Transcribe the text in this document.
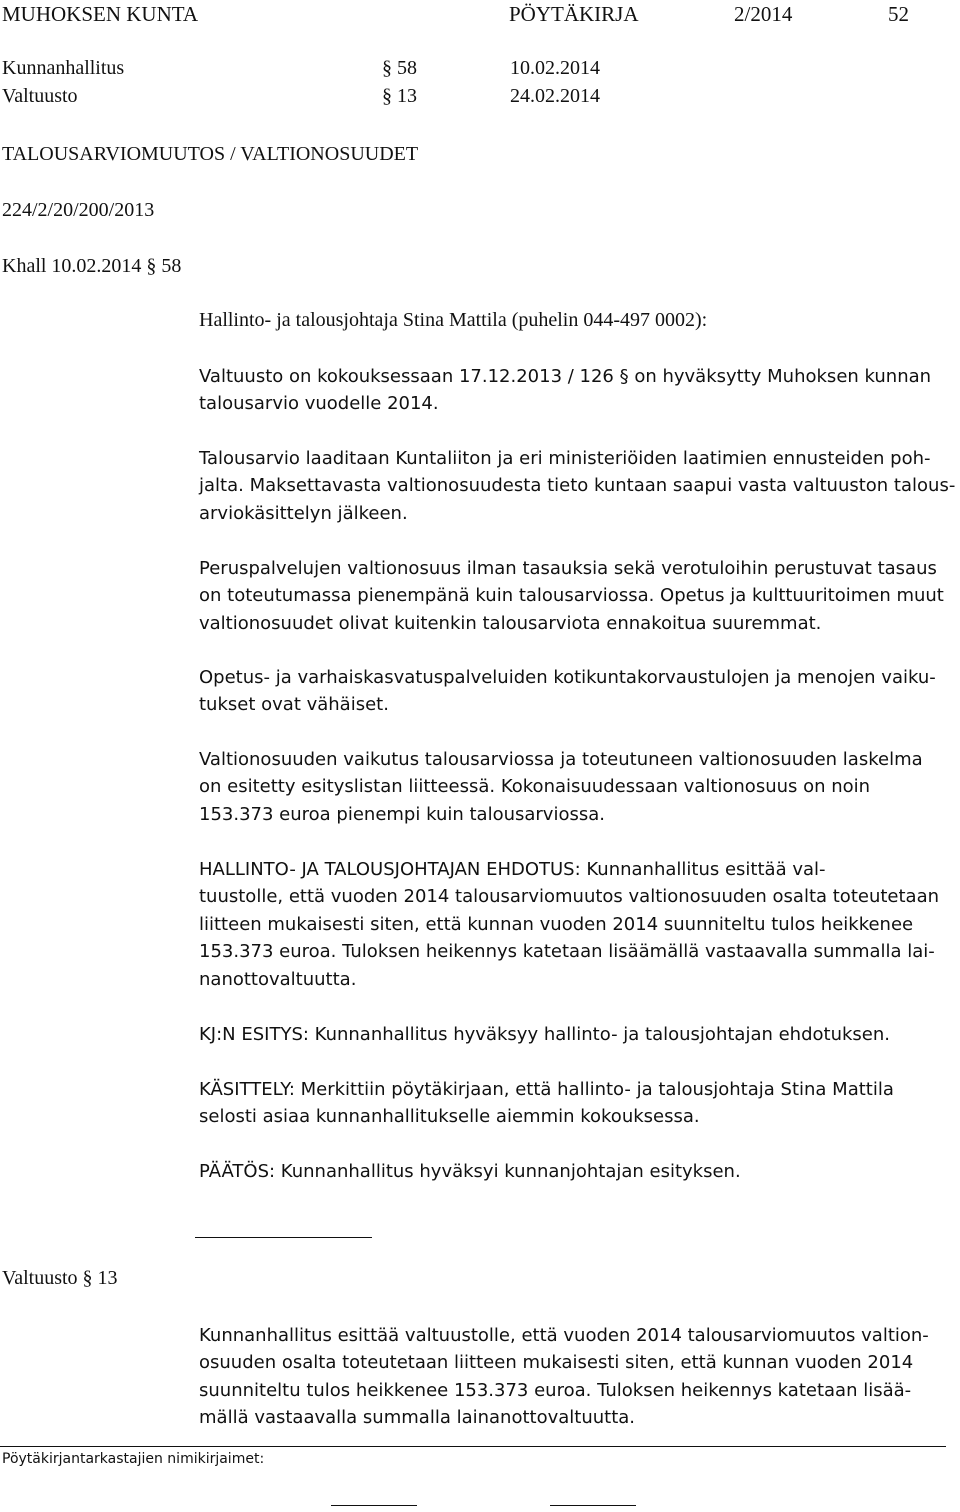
MUHOKSEN KUNTA	PÖYTÄKIRJA	2/2014	52
Kunnanhallitus	§ 58	10.02.2014
Valtuusto	§ 13	24.02.2014
TALOUSARVIOMUUTOS / VALTIONOSUUDET
224/2/20/200/2013
Khall 10.02.2014 § 58
Hallinto- ja talousjohtaja Stina Mattila (puhelin 044-497 0002):
Valtuusto on kokouksessaan 17.12.2013 / 126 § on hyväksytty Muhoksen kunnan
talousarvio vuodelle 2014.
Talousarvio laaditaan Kuntaliiton ja eri ministeriöiden laatimien ennusteiden poh-
jalta. Maksettavasta valtionosuudesta tieto kuntaan saapui vasta valtuuston talous-
arviokäsittelyn jälkeen.
Peruspalvelujen valtionosuus ilman tasauksia sekä verotuloihin perustuvat tasaus
on toteutumassa pienempänä kuin talousarviossa. Opetus ja kulttuuritoimen muut
valtionosuudet olivat kuitenkin talousarviota ennakoitua suuremmat.
Opetus- ja varhaiskasvatuspalveluiden kotikuntakorvaustulojen ja menojen vaiku-
tukset ovat vähäiset.
Valtionosuuden vaikutus talousarviossa ja toteutuneen valtionosuuden laskelma
on esitetty esityslistan liitteessä. Kokonaisuudessaan valtionosuus on noin
153.373 euroa pienempi kuin talousarviossa.
HALLINTO- JA TALOUSJOHTAJAN EHDOTUS: Kunnanhallitus esittää val-
tuustolle, että vuoden 2014 talousarviomuutos valtionosuuden osalta toteutetaan
liitteen mukaisesti siten, että kunnan vuoden 2014 suunniteltu tulos heikkenee
153.373 euroa. Tuloksen heikennys katetaan lisäämällä vastaavalla summalla lai-
nanottovaltuutta.
KJ:N ESITYS: Kunnanhallitus hyväksyy hallinto- ja talousjohtajan ehdotuksen.
KÄSITTELY: Merkittiin pöytäkirjaan, että hallinto- ja talousjohtaja Stina Mattila
selosti asiaa kunnanhallitukselle aiemmin kokouksessa.
PÄÄTÖS: Kunnanhallitus hyväksyi kunnanjohtajan esityksen.
Valtuusto § 13
Kunnanhallitus esittää valtuustolle, että vuoden 2014 talousarviomuutos valtion-
osuuden osalta toteutetaan liitteen mukaisesti siten, että kunnan vuoden 2014
suunniteltu tulos heikkenee 153.373 euroa. Tuloksen heikennys katetaan lisää-
mällä vastaavalla summalla lainanottovaltuutta.
Pöytäkirjantarkastajien nimikirjaimet:
